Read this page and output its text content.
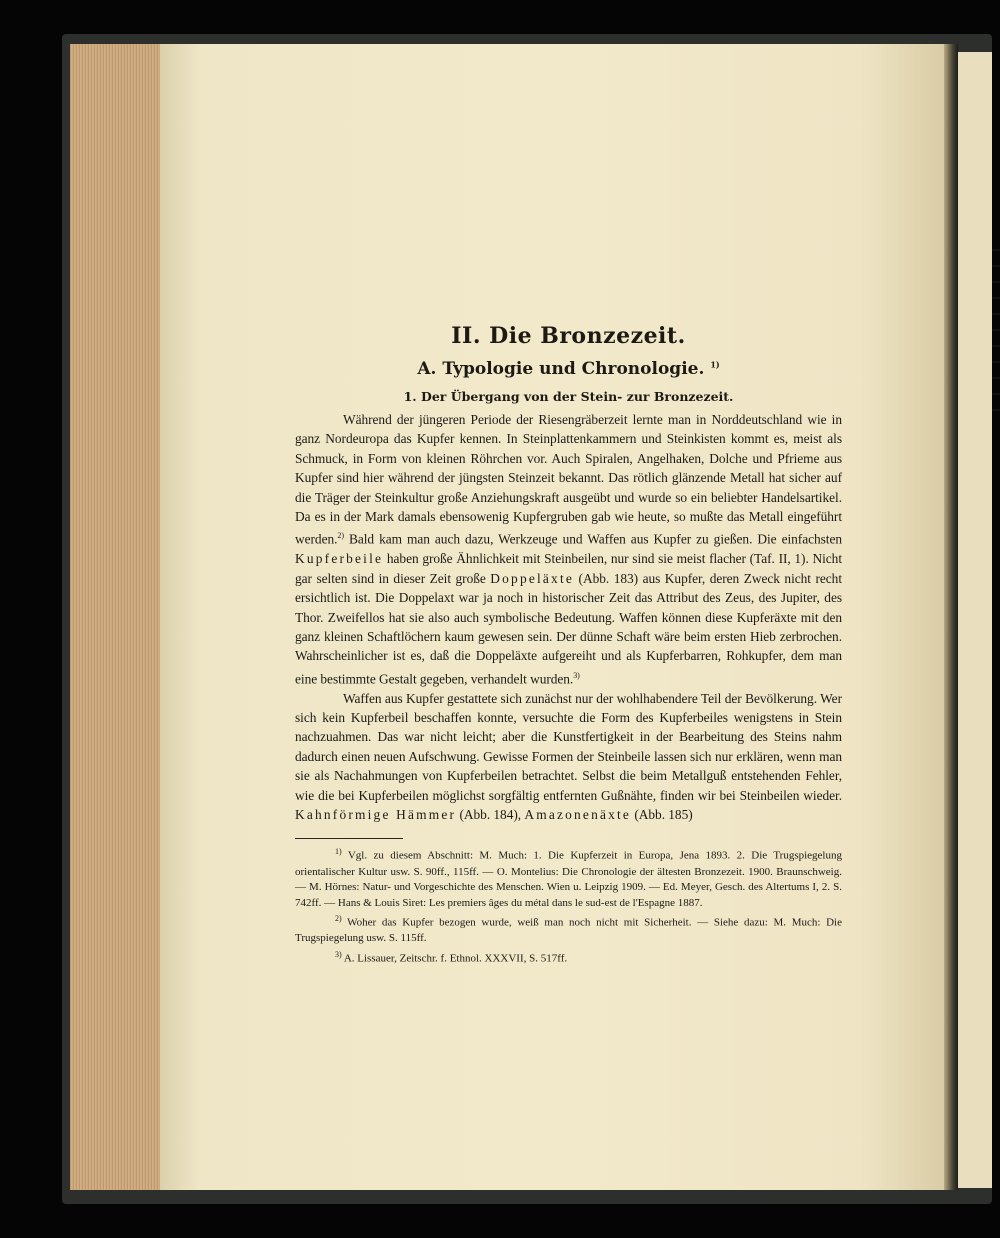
II. Die Bronzezeit.
A. Typologie und Chronologie. $^{1)}$
1. Der Übergang von der Stein- zur Bronzezeit.

Während der jüngeren Periode der Riesengräberzeit lernte man in Norddeutschland wie in ganz Nordeuropa das Kupfer kennen. In Steinplattenkammern und Steinkisten kommt es, meist als Schmuck, in Form von kleinen Röhrchen vor. Auch Spiralen, Angelhaken, Dolche und Pfrieme aus Kupfer sind hier während der jüngsten Steinzeit bekannt. Das rötlich glänzende Metall hat sicher auf die Träger der Steinkultur große Anziehungskraft ausgeübt und wurde so ein beliebter Handelsartikel. Da es in der Mark damals ebensowenig Kupfergruben gab wie heute, so mußte das Metall eingeführt werden.$^{2)}$ Bald kam man auch dazu, Werkzeuge und Waffen aus Kupfer zu gießen. Die einfachsten Kupferbeile haben große Ähnlichkeit mit Steinbeilen, nur sind sie meist flacher (Taf. II, 1). Nicht gar selten sind in dieser Zeit große Doppeläxte (Abb. 183) aus Kupfer, deren Zweck nicht recht ersichtlich ist. Die Doppelaxt war ja noch in historischer Zeit das Attribut des Zeus, des Jupiter, des Thor. Zweifellos hat sie also auch symbolische Bedeutung. Waffen können diese Kupferäxte mit den ganz kleinen Schaftlöchern kaum gewesen sein. Der dünne Schaft wäre beim ersten Hieb zerbrochen. Wahrscheinlicher ist es, daß die Doppeläxte aufgereiht und als Kupferbarren, Rohkupfer, dem man eine bestimmte Gestalt gegeben, verhandelt wurden.$^{3)}$

Waffen aus Kupfer gestattete sich zunächst nur der wohlhabendere Teil der Bevölkerung. Wer sich kein Kupferbeil beschaffen konnte, versuchte die Form des Kupferbeiles wenigstens in Stein nachzuahmen. Das war nicht leicht; aber die Kunstfertigkeit in der Bearbeitung des Steins nahm dadurch einen neuen Aufschwung. Gewisse Formen der Steinbeile lassen sich nur erklären, wenn man sie als Nachahmungen von Kupferbeilen betrachtet. Selbst die beim Metallguß entstehenden Fehler, wie die bei Kupferbeilen möglichst sorgfältig entfernten Gußnähte, finden wir bei Steinbeilen wieder. Kahnförmige Hämmer (Abb. 184), Amazonenäxte (Abb. 185)

$^{1)}$ Vgl. zu diesem Abschnitt: M. Much: 1. Die Kupferzeit in Europa, Jena 1893. 2. Die Trugspiegelung orientalischer Kultur usw. S. 90ff., 115ff. — O. Montelius: Die Chronologie der ältesten Bronzezeit. 1900. Braunschweig. — M. Hörnes: Natur- und Vorgeschichte des Menschen. Wien u. Leipzig 1909. — Ed. Meyer, Gesch. des Altertums I, 2. S. 742ff. — Hans & Louis Siret: Les premiers âges du métal dans le sud-est de l'Espagne 1887.

$^{2)}$ Woher das Kupfer bezogen wurde, weiß man noch nicht mit Sicherheit. — Siehe dazu: M. Much: Die Trugspiegelung usw. S. 115ff.

$^{3)}$ A. Lissauer, Zeitschr. f. Ethnol. XXXVII, S. 517ff.
